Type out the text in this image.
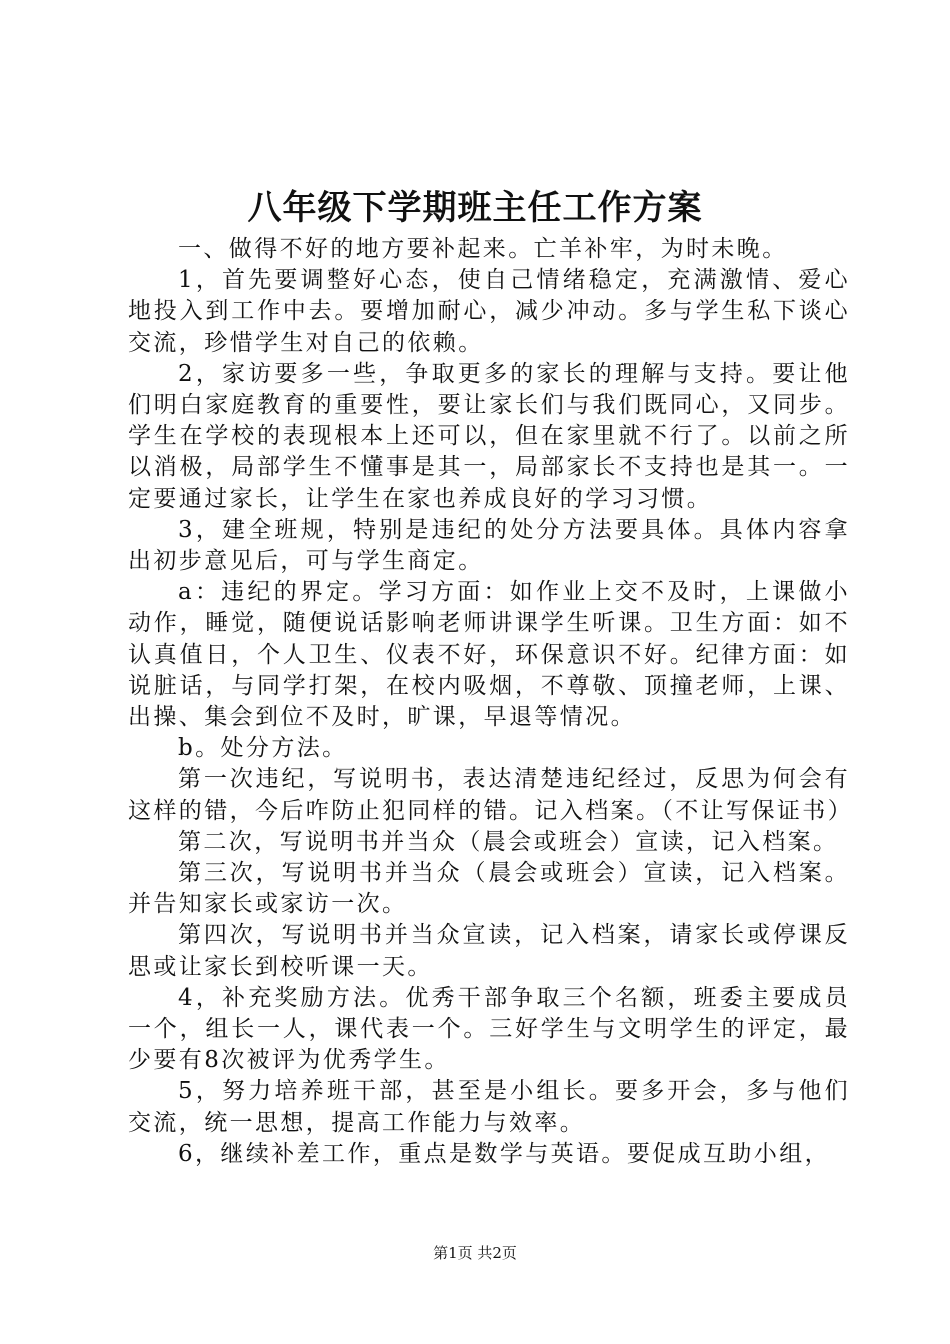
八年级下学期班主任工作方案

一、做得不好的地方要补起来。亡羊补牢，为时未晚。

1，首先要调整好心态，使自己情绪稳定，充满激情、爱心地投入到工作中去。要增加耐心，减少冲动。多与学生私下谈心交流，珍惜学生对自己的依赖。

2，家访要多一些，争取更多的家长的理解与支持。要让他们明白家庭教育的重要性，要让家长们与我们既同心，又同步。学生在学校的表现根本上还可以，但在家里就不行了。以前之所以消极，局部学生不懂事是其一，局部家长不支持也是其一。一定要通过家长，让学生在家也养成良好的学习习惯。

3，建全班规，特别是违纪的处分方法要具体。具体内容拿出初步意见后，可与学生商定。

a：违纪的界定。学习方面：如作业上交不及时，上课做小动作，睡觉，随便说话影响老师讲课学生听课。卫生方面：如不认真值日，个人卫生、仪表不好，环保意识不好。纪律方面：如说脏话，与同学打架，在校内吸烟，不尊敬、顶撞老师，上课、出操、集会到位不及时，旷课，早退等情况。

b。处分方法。

第一次违纪，写说明书，表达清楚违纪经过，反思为何会有这样的错，今后咋防止犯同样的错。记入档案。（不让写保证书）

第二次，写说明书并当众（晨会或班会）宣读，记入档案。

第三次，写说明书并当众（晨会或班会）宣读，记入档案。并告知家长或家访一次。

第四次，写说明书并当众宣读，记入档案，请家长或停课反思或让家长到校听课一天。

4，补充奖励方法。优秀干部争取三个名额，班委主要成员一个，组长一人，课代表一个。三好学生与文明学生的评定，最少要有8次被评为优秀学生。

5，努力培养班干部，甚至是小组长。要多开会，多与他们交流，统一思想，提高工作能力与效率。

6，继续补差工作，重点是数学与英语。要促成互助小组，

第1页 共2页
